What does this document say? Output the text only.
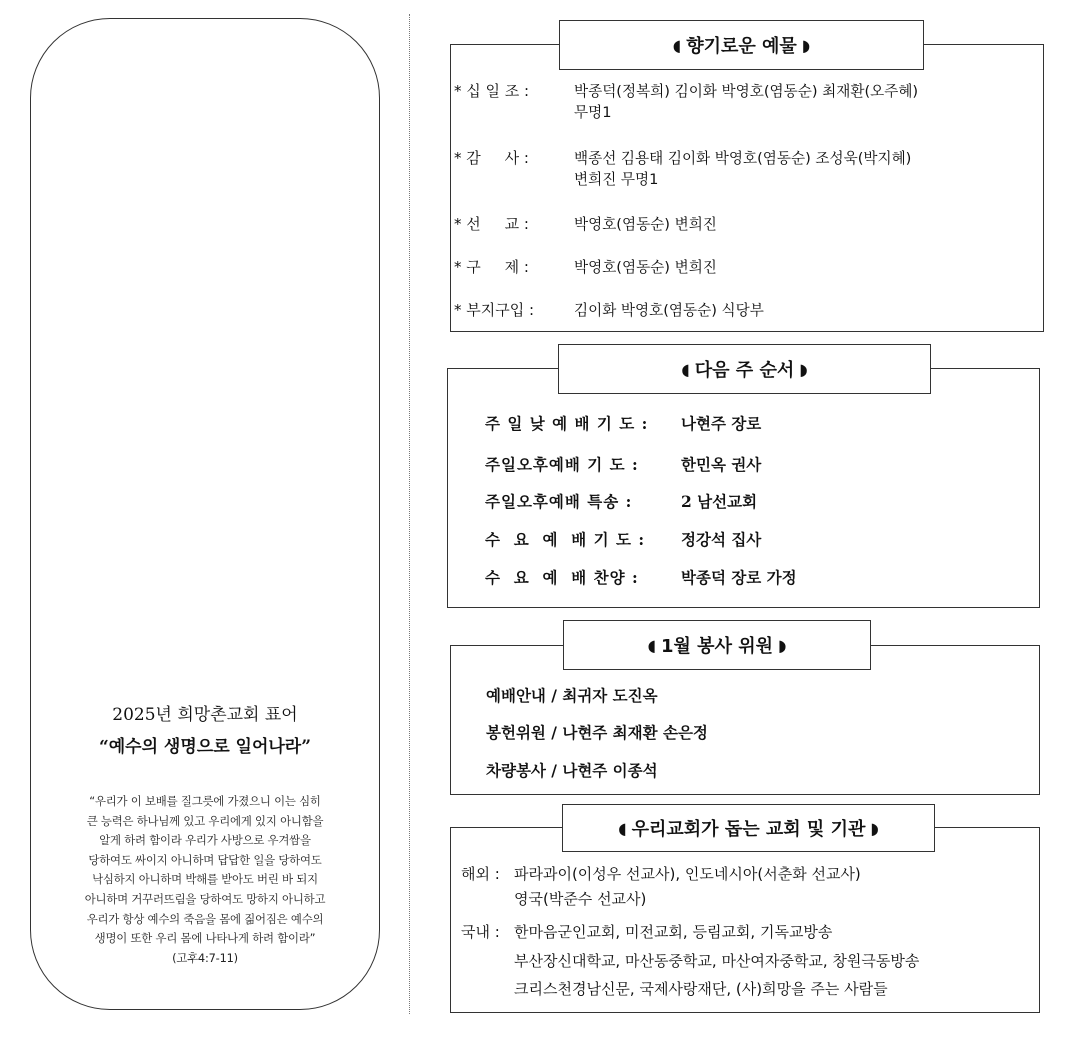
2025년 희망촌교회 표어
“예수의 생명으로 일어나라”
“우리가 이 보배를 질그릇에 가졌으니 이는 심히
큰 능력은 하나님께 있고 우리에게 있지 아니함을
알게 하려 함이라 우리가 사방으로 우겨쌈을
당하여도 싸이지 아니하며 답답한 일을 당하여도
낙심하지 아니하며 박해를 받아도 버린 바 되지
아니하며 거꾸러뜨림을 당하여도 망하지 아니하고
우리가 항상 예수의 죽음을 몸에 짊어짐은 예수의
생명이 또한 우리 몸에 나타나게 하려 함이라”
(고후4:7-11)
◖ 향기로운 예물 ◗
* 십 일 조 :	박종덕(정복희) 김이화 박영호(염동순) 최재환(오주혜)
무명1
* 감     사 :	백종선 김용태 김이화 박영호(염동순) 조성욱(박지혜)
변희진 무명1
* 선     교 :	박영호(염동순) 변희진
* 구     제 :	박영호(염동순) 변희진
* 부지구입 :	김이화 박영호(염동순) 식당부
◖ 다음 주 순서 ◗
주 일 낮 예 배 기 도 :	나현주 장로
주일오후예배 기 도 :	한민옥 권사
주일오후예배 특송 :	2 남선교회
수  요  예  배 기 도 :	정강석 집사
수  요  예  배 찬양 :	박종덕 장로 가정
◖ 1월 봉사 위원 ◗
예배안내 / 최귀자 도진옥
봉헌위원 / 나현주 최재환 손은정
차량봉사 / 나현주 이종석
◖ 우리교회가 돕는 교회 및 기관 ◗
해외 : 파라과이(이성우 선교사), 인도네시아(서춘화 선교사)
영국(박준수 선교사)
국내 : 한마음군인교회, 미전교회, 등림교회, 기독교방송
부산장신대학교, 마산동중학교, 마산여자중학교, 창원극동방송
크리스천경남신문, 국제사랑재단, (사)희망을 주는 사람들
